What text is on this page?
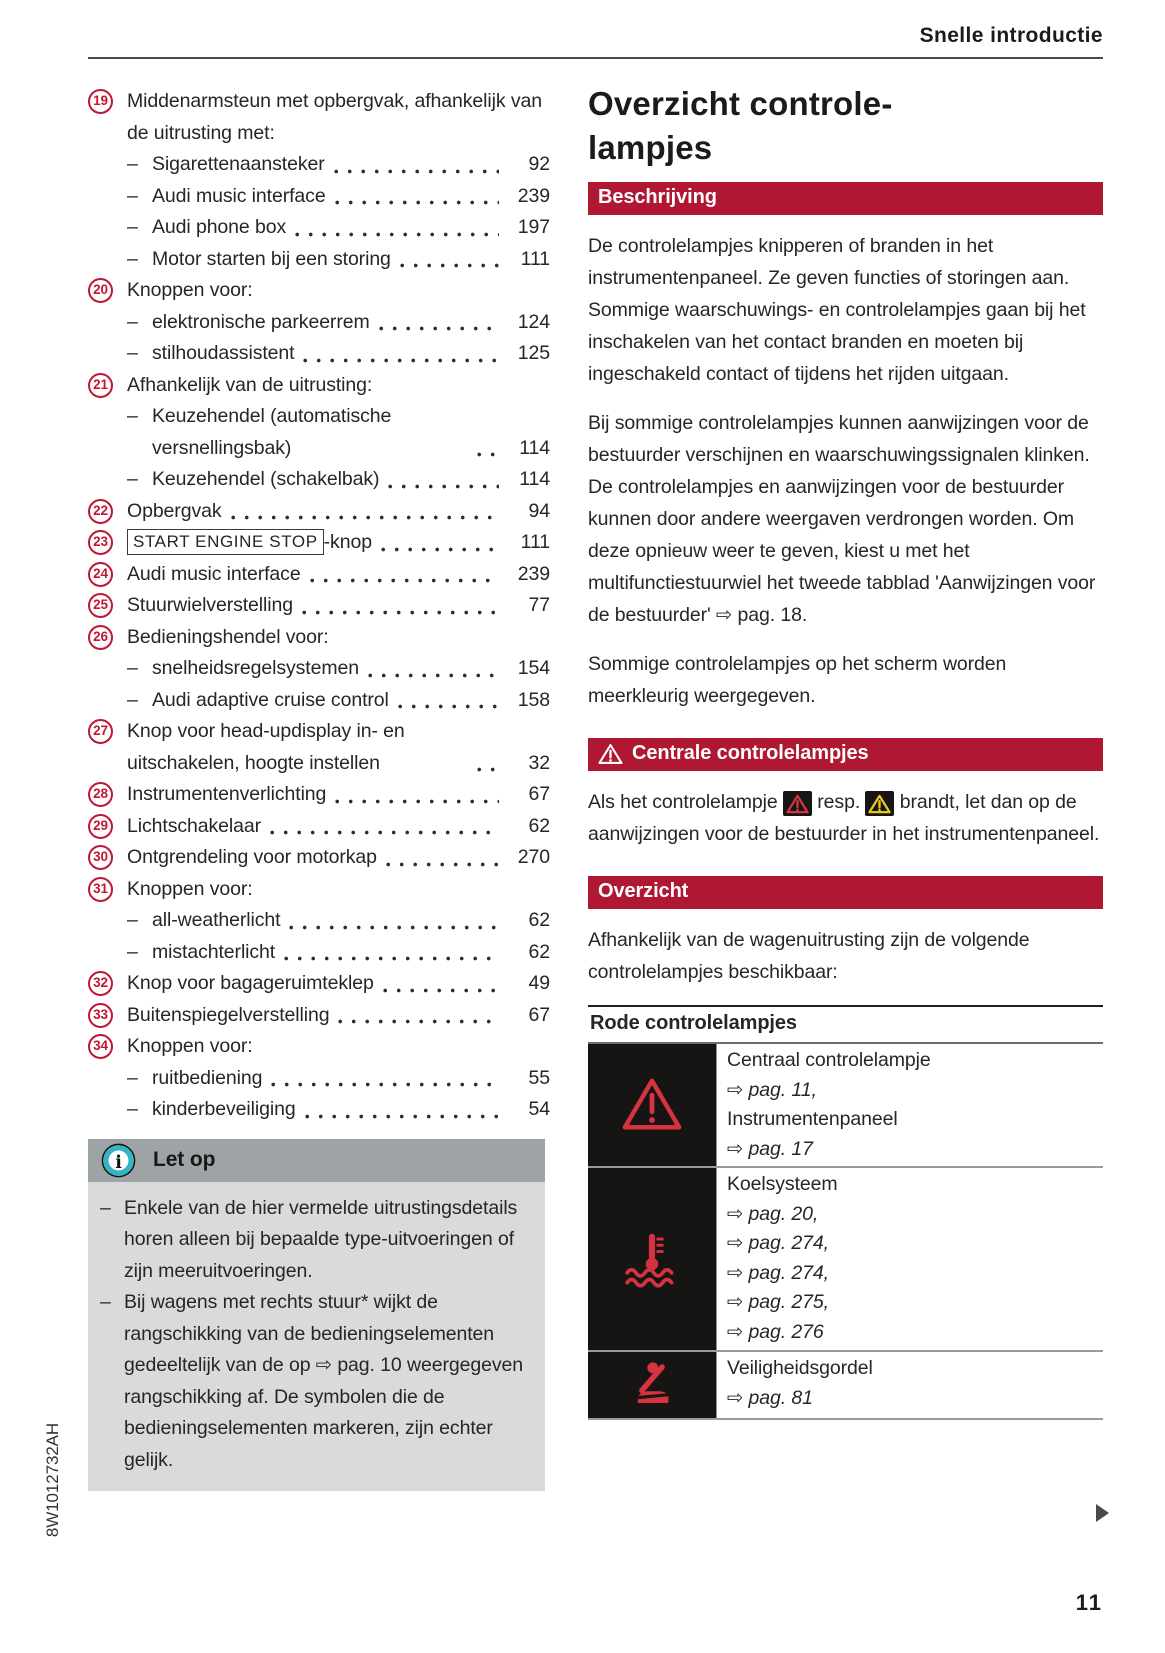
Snelle introductie
19 Middenarmsteun met opbergvak, afhankelijk van de uitrusting met:
– Sigarettenaansteker	92
– Audi music interface	239
– Audi phone box	197
– Motor starten bij een storing	111
20 Knoppen voor:
– elektronische parkeerrem	124
– stilhoudassistent	125
21 Afhankelijk van de uitrusting:
– Keuzehendel (automatische versnellingsbak)	114
– Keuzehendel (schakelbak)	114
22 Opbergvak	94
23	START ENGINE STOP -knop	111
24 Audi music interface	239
25 Stuurwielverstelling	77
26 Bedieningshendel voor:
– snelheidsregelsystemen	154
– Audi adaptive cruise control	158
27 Knop voor head-updisplay in- en uitschakelen, hoogte instellen	32
28 Instrumentenverlichting	67
29 Lichtschakelaar	62
30 Ontgrendeling voor motorkap	270
31 Knoppen voor:
– all-weatherlicht	62
– mistachterlicht	62
32 Knop voor bagageruimteklep	49
33 Buitenspiegelverstelling	67
34 Knoppen voor:
– ruitbediening	55
– kinderbeveiliging	54
i Let op
– Enkele van de hier vermelde uitrustingsdetails horen alleen bij bepaalde type-uitvoeringen of zijn meeruitvoeringen.
– Bij wagens met rechts stuur* wijkt de rangschikking van de bedieningselementen gedeeltelijk van de op ⇨ pag. 10 weergegeven rangschikking af. De symbolen die de bedieningselementen markeren, zijn echter gelijk.
Overzicht controle-
lampjes
Beschrijving

De controlelampjes knipperen of branden in het instrumentenpaneel. Ze geven functies of storingen aan. Sommige waarschuwings- en controlelampjes gaan bij het inschakelen van het contact branden en moeten bij ingeschakeld contact of tijdens het rijden uitgaan.

Bij sommige controlelampjes kunnen aanwijzingen voor de bestuurder verschijnen en waarschuwingssignalen klinken. De controlelampjes en aanwijzingen voor de bestuurder kunnen door andere weergaven verdrongen worden. Om deze opnieuw weer te geven, kiest u met het multifunctiestuurwiel het tweede tabblad 'Aanwijzingen voor de bestuurder' ⇨ pag. 18.

Sommige controlelampjes op het scherm worden meerkleurig weergegeven.

Centrale controlelampjes

Als het controlelampje  resp.  brandt, let dan op de aanwijzingen voor de bestuurder in het instrumentenpaneel.

Overzicht

Afhankelijk van de wagenuitrusting zijn de volgende controlelampjes beschikbaar:

Rode controlelampjes
Centraal controlelampje
⇨ pag. 11,
Instrumentenpaneel
⇨ pag. 17
Koelsysteem
⇨ pag. 20,
⇨ pag. 274,
⇨ pag. 274,
⇨ pag. 275,
⇨ pag. 276
Veiligheidsgordel
⇨ pag. 81
11
8W1012732AH
